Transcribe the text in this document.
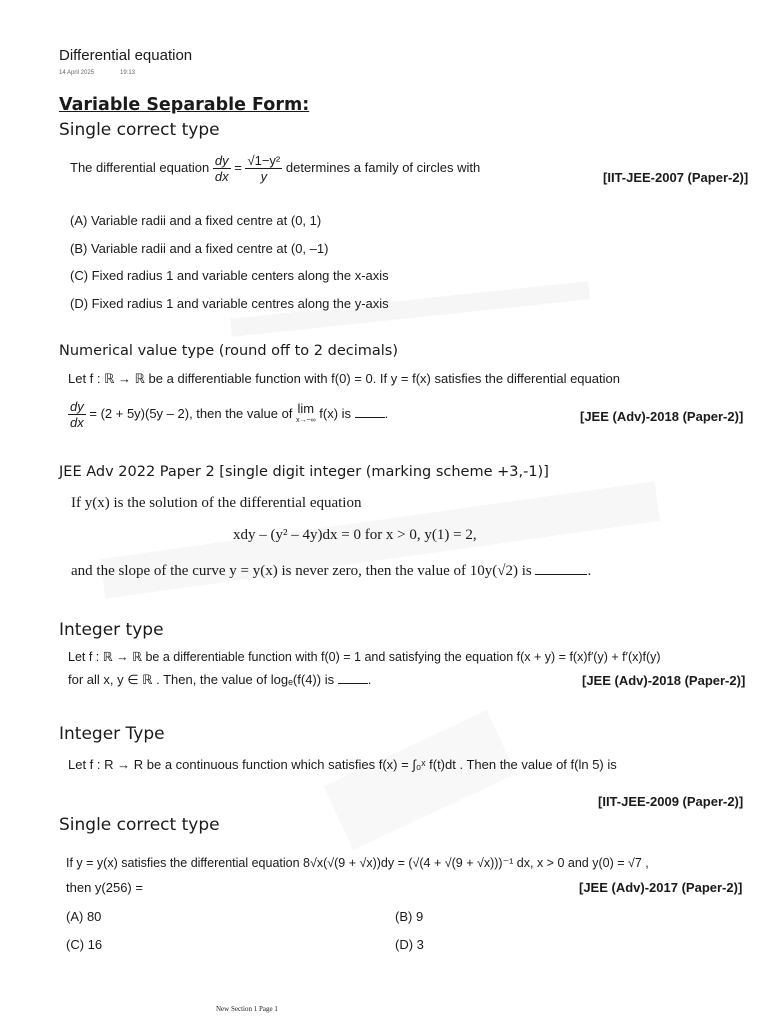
Differential equation
14 April 2025	19:13
Variable Separable Form:
Single correct type
The differential equation $\frac{dy}{dx} = \frac{\text{√1−y²}}{y}$ determines a family of circles with
[IIT-JEE-2007 (Paper-2)]
(A) Variable radii and a fixed centre at (0, 1)
(B) Variable radii and a fixed centre at (0, –1)
(C) Fixed radius 1 and variable centers along the x-axis
(D) Fixed radius 1 and variable centres along the y-axis
Numerical value type (round off to 2 decimals)
Let f : ℝ → ℝ be a differentiable function with f(0) = 0. If y = f(x) satisfies the differential equation
$\frac{dy}{dx} = (2 + 5y)(5y - 2)$, then the value of lim
x→−∞ f(x) is	.	[JEE (Adv)-2018 (Paper-2)]
JEE Adv 2022 Paper 2 [single digit integer (marking scheme +3,-1)]
If y(x) is the solution of the differential equation
xdy – (y² – 4y)dx = 0 for x > 0, y(1) = 2,
and the slope of the curve y = y(x) is never zero, then the value of 10y(√2) is	.
Integer type
Let f : ℝ → ℝ be a differentiable function with f(0) = 1 and satisfying the equation f(x + y) = f(x)f′(y) + f′(x)f(y)
for all x, y ∈ ℝ . Then, the value of logₑ(f(4)) is	.	[JEE (Adv)-2018 (Paper-2)]
Integer Type
Let f : R → R be a continuous function which satisfies f(x) = ∫₀ˣ f(t)dt . Then the value of f(ln 5) is
[IIT-JEE-2009 (Paper-2)]
Single correct type
If y = y(x) satisfies the differential equation 8√x(√(9 + √x))dy = (√(4 + √(9 + √x)))⁻¹ dx, x > 0 and y(0) = √7 ,
then y(256) =	[JEE (Adv)-2017 (Paper-2)]
(A) 80	(B) 9
(C) 16	(D) 3
New Section 1 Page 1
